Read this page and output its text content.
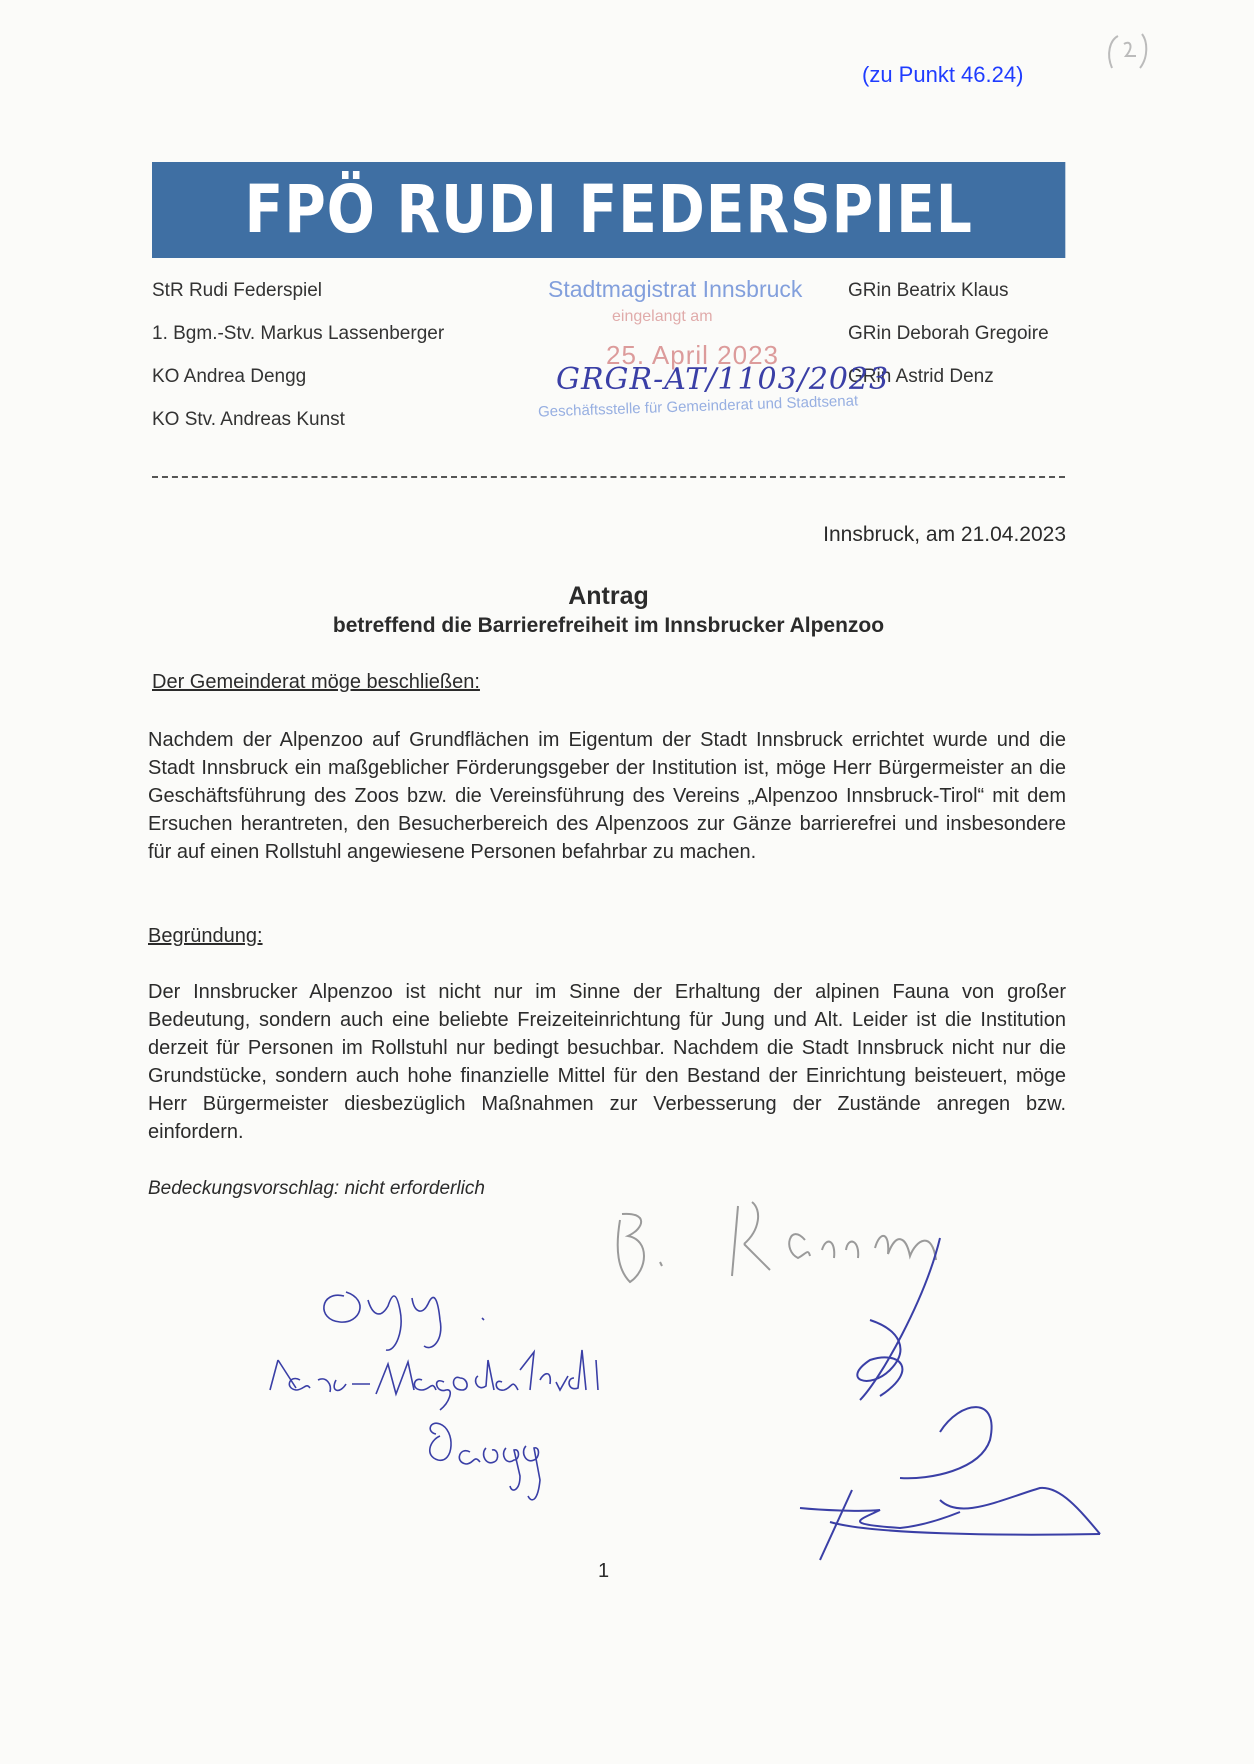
(zu Punkt 46.24)
FPÖ RUDI FEDERSPIEL
StR Rudi Federspiel
1. Bgm.-Stv. Markus Lassenberger
KO Andrea Dengg
KO Stv. Andreas Kunst
GRin Beatrix Klaus
GRin Deborah Gregoire
GRin Astrid Denz
Stadtmagistrat Innsbruck
eingelangt am
25. April 2023
GRGR-AT/1103/2023
Geschäftsstelle für Gemeinderat und Stadtsenat
Innsbruck, am 21.04.2023
Antrag
betreffend die Barrierefreiheit im Innsbrucker Alpenzoo
Der Gemeinderat möge beschließen:
Nachdem der Alpenzoo auf Grundflächen im Eigentum der Stadt Innsbruck errichtet wurde und die Stadt Innsbruck ein maßgeblicher Förderungsgeber der Institution ist, möge Herr Bürgermeister an die Geschäftsführung des Zoos bzw. die Vereinsführung des Vereins „Alpenzoo Innsbruck-Tirol“ mit dem Ersuchen herantreten, den Besucherbereich des Alpenzoos zur Gänze barrierefrei und insbesondere für auf einen Rollstuhl angewiesene Personen befahrbar zu machen.
Begründung:
Der Innsbrucker Alpenzoo ist nicht nur im Sinne der Erhaltung der alpinen Fauna von großer Bedeutung, sondern auch eine beliebte Freizeiteinrichtung für Jung und Alt. Leider ist die Institution derzeit für Personen im Rollstuhl nur bedingt besuchbar. Nachdem die Stadt Innsbruck nicht nur die Grundstücke, sondern auch hohe finanzielle Mittel für den Bestand der Einrichtung beisteuert, möge Herr Bürgermeister diesbezüglich Maßnahmen zur Verbesserung der Zustände anregen bzw. einfordern.
Bedeckungsvorschlag: nicht erforderlich
1
